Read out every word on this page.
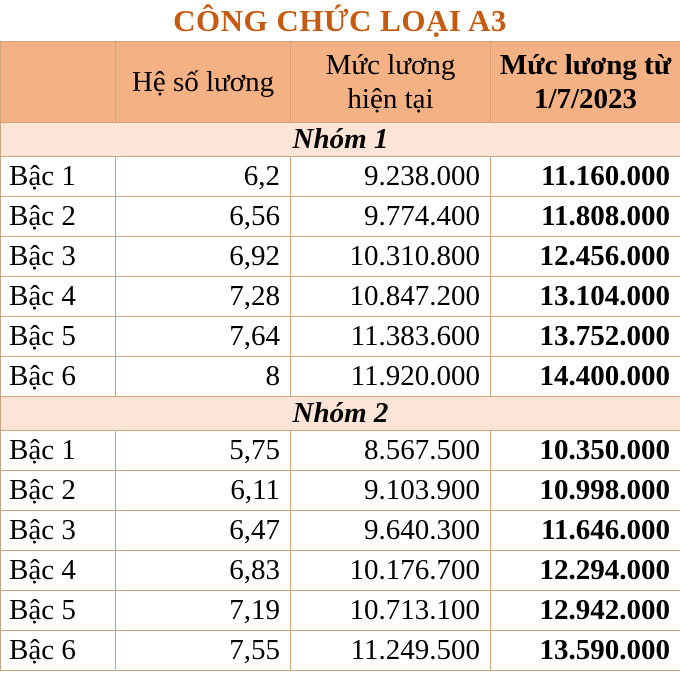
CÔNG CHỨC LOẠI A3
	Hệ số lương	Mức lương hiện tại	Mức lương từ 1/7/2023
Nhóm 1			
Bậc 1	6,2	9.238.000	11.160.000
Bậc 2	6,56	9.774.400	11.808.000
Bậc 3	6,92	10.310.800	12.456.000
Bậc 4	7,28	10.847.200	13.104.000
Bậc 5	7,64	11.383.600	13.752.000
Bậc 6	8	11.920.000	14.400.000
Nhóm 2			
Bậc 1	5,75	8.567.500	10.350.000
Bậc 2	6,11	9.103.900	10.998.000
Bậc 3	6,47	9.640.300	11.646.000
Bậc 4	6,83	10.176.700	12.294.000
Bậc 5	7,19	10.713.100	12.942.000
Bậc 6	7,55	11.249.500	13.590.000
